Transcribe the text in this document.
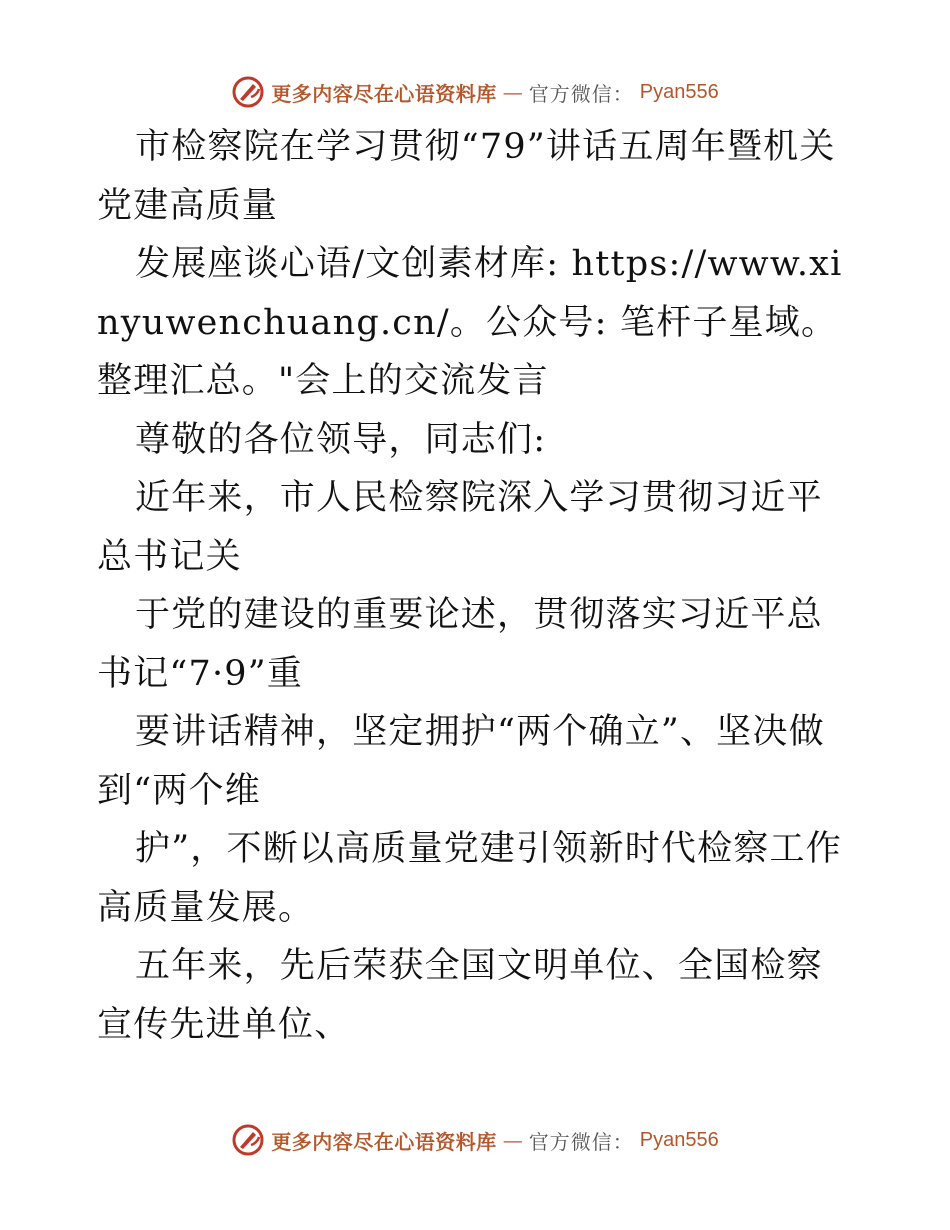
更多内容尽在心语资料库 — 官方微信： Pyan556

市检察院在学习贯彻“79”讲话五周年暨机关党建高质量

发展座谈心语/文创素材库: https://www.xinyuwenchuang.cn/。公众号: 笔杆子星域。整理汇总。"会上的交流发言

尊敬的各位领导，同志们:

近年来，市人民检察院深入学习贯彻习近平总书记关

于党的建设的重要论述，贯彻落实习近平总书记“7·9”重

要讲话精神，坚定拥护“两个确立”、坚决做到“两个维

护”，不断以高质量党建引领新时代检察工作高质量发展。

五年来，先后荣获全国文明单位、全国检察宣传先进单位、

更多内容尽在心语资料库 — 官方微信： Pyan556
